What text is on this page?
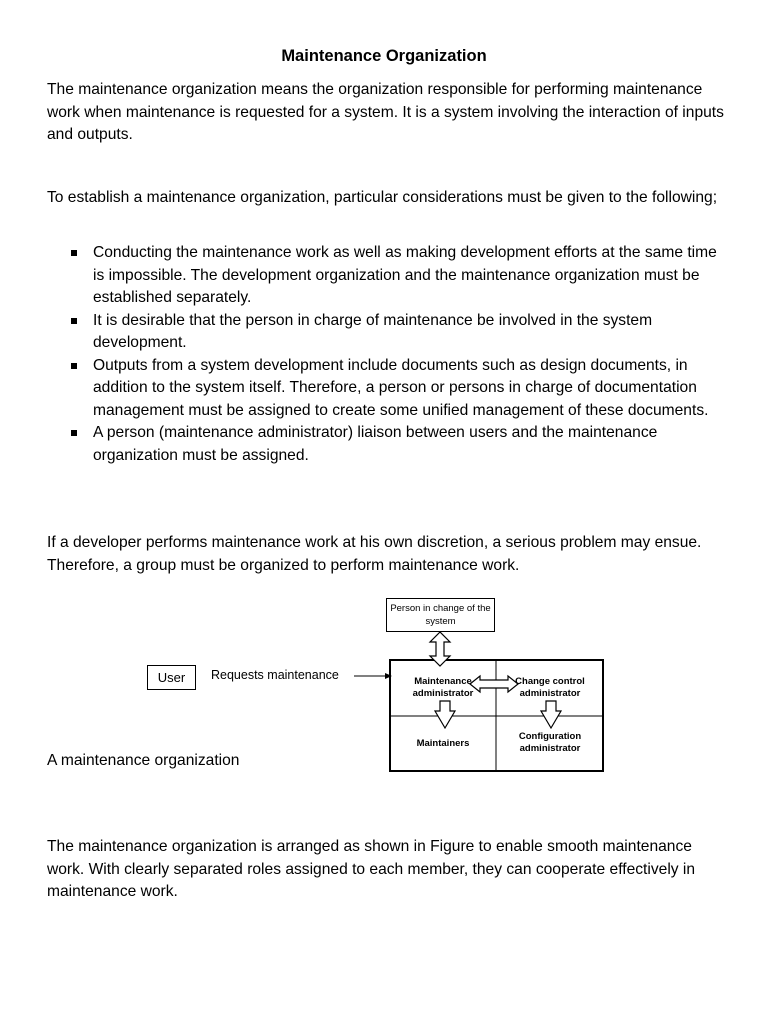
Maintenance Organization

The maintenance organization means the organization responsible for performing maintenance work when maintenance is requested for a system. It is a system involving the interaction of inputs and outputs.

To establish a maintenance organization, particular considerations must be given to the following;

Conducting the maintenance work as well as making development efforts at the same time is impossible. The development organization and the maintenance organization must be established separately.
It is desirable that the person in charge of maintenance be involved in the system development.
Outputs from a system development include documents such as design documents, in addition to the system itself. Therefore, a person or persons in charge of documentation management must be assigned to create some unified management of these documents.
A person (maintenance administrator) liaison between users and the maintenance organization must be assigned.

If a developer performs maintenance work at his own discretion, a serious problem may ensue. Therefore, a group must be organized to perform maintenance work.

Person in change of the system
User Requests maintenance	Maintenance administrator
Change control administrator
Maintainers
Configuration administrator
A maintenance organization

The maintenance organization is arranged as shown in Figure to enable smooth maintenance work. With clearly separated roles assigned to each member, they can cooperate effectively in maintenance work.
